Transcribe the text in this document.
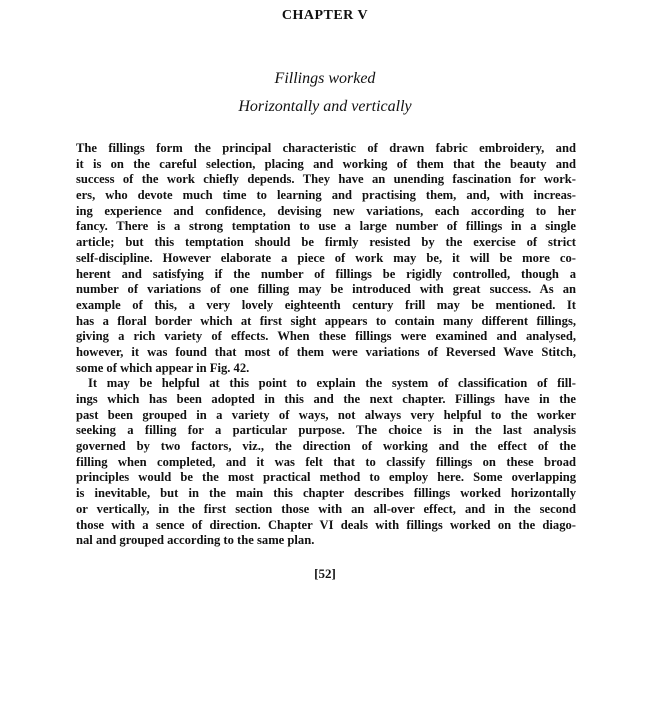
CHAPTER V
Fillings worked
Horizontally and vertically
The fillings form the principal characteristic of drawn fabric embroidery, and
it is on the careful selection, placing and working of them that the beauty and
success of the work chiefly depends. They have an unending fascination for work-
ers, who devote much time to learning and practising them, and, with increas-
ing experience and confidence, devising new variations, each according to her
fancy. There is a strong temptation to use a large number of fillings in a single
article; but this temptation should be firmly resisted by the exercise of strict
self-discipline. However elaborate a piece of work may be, it will be more co-
herent and satisfying if the number of fillings be rigidly controlled, though a
number of variations of one filling may be introduced with great success. As an
example of this, a very lovely eighteenth century frill may be mentioned. It
has a floral border which at first sight appears to contain many different fillings,
giving a rich variety of effects. When these fillings were examined and analysed,
however, it was found that most of them were variations of Reversed Wave Stitch,
some of which appear in Fig. 42.
It may be helpful at this point to explain the system of classification of fill-
ings which has been adopted in this and the next chapter. Fillings have in the
past been grouped in a variety of ways, not always very helpful to the worker
seeking a filling for a particular purpose. The choice is in the last analysis
governed by two factors, viz., the direction of working and the effect of the
filling when completed, and it was felt that to classify fillings on these broad
principles would be the most practical method to employ here. Some overlapping
is inevitable, but in the main this chapter describes fillings worked horizontally
or vertically, in the first section those with an all-over effect, and in the second
those with a sence of direction. Chapter VI deals with fillings worked on the diago-
nal and grouped according to the same plan.
[52]
